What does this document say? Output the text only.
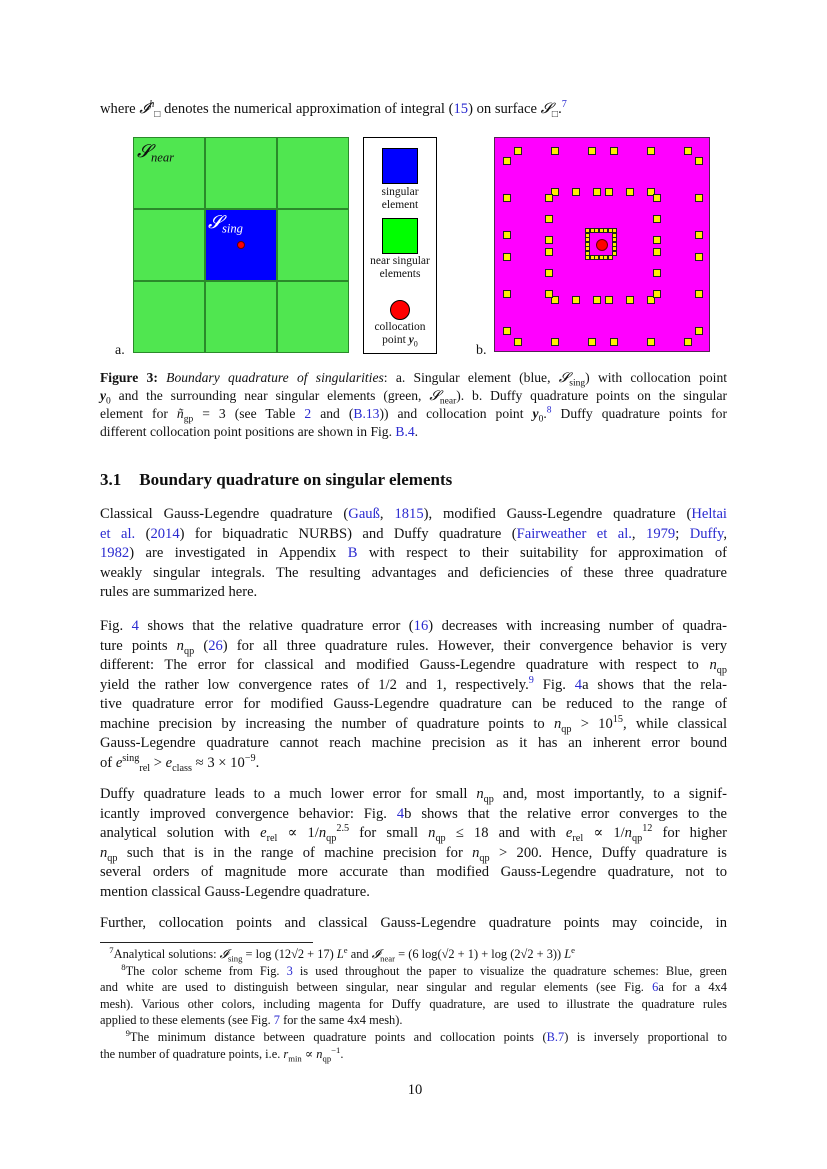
where 𝓘$^h_□$ denotes the numerical approximation of integral (15) on surface 𝓢$_□$.$^7$
𝓢$_{near}$
𝓢$_{sing}$
a.
singular element
near singular elements
collocation point $y_0$	b.
Figure 3: Boundary quadrature of singularities: a. Singular element (blue, 𝓢$_{sing}$) with collocation point
$y_0$ and the surrounding near singular elements (green, 𝓢$_{near}$). b. Duffy quadrature points on the singular
element for $ñ_{gp} = 3$ (see Table 2 and (B.13)) and collocation point $y_0.^8$ Duffy quadrature points for
different collocation point positions are shown in Fig. B.4.
3.1 Boundary quadrature on singular elements
Classical Gauss-Legendre quadrature (Gauß, 1815), modified Gauss-Legendre quadrature (Heltai
et al. (2014) for biquadratic NURBS) and Duffy quadrature (Fairweather et al., 1979; Duffy,
1982) are investigated in Appendix B with respect to their suitability for approximation of
weakly singular integrals. The resulting advantages and deficiencies of these three quadrature
rules are summarized here.
Fig. 4 shows that the relative quadrature error (16) decreases with increasing number of quadra-
ture points $n_{qp}$ (26) for all three quadrature rules. However, their convergence behavior is very
different: The error for classical and modified Gauss-Legendre quadrature with respect to $n_{qp}$
yield the rather low convergence rates of 1/2 and 1, respectively.$^9$ Fig. 4a shows that the rela-
tive quadrature error for modified Gauss-Legendre quadrature can be reduced to the range of
machine precision by increasing the number of quadrature points to $n_{qp} > 10^{15}$, while classical
Gauss-Legendre quadrature cannot reach machine precision as it has an inherent error bound
of $e^{sing}_{rel} > e_{class} \approx 3 \times 10^{-9}$.
Duffy quadrature leads to a much lower error for small $n_{qp}$ and, most importantly, to a signif-
icantly improved convergence behavior: Fig. 4b shows that the relative error converges to the
analytical solution with $e_{rel} \propto 1/n_{qp}^{2.5}$ for small $n_{qp} \le 18$ and with $e_{rel} \propto 1/n_{qp}^{12}$ for higher
$n_{qp}$ such that is in the range of machine precision for $n_{qp} > 200$. Hence, Duffy quadrature is
several orders of magnitude more accurate than modified Gauss-Legendre quadrature, not to
mention classical Gauss-Legendre quadrature.
Further, collocation points and classical Gauss-Legendre quadrature points may coincide, in
$^7$Analytical solutions: 𝓘$_{sing}$ = log (12√2 + 17) Le and 𝓘$_{near}$ = (6 log(√2 + 1) + log (2√2 + 3)) Le
$^8$The color scheme from Fig. 3 is used throughout the paper to visualize the quadrature schemes: Blue, green
and white are used to distinguish between singular, near singular and regular elements (see Fig. 6a for a 4x4
mesh). Various other colors, including magenta for Duffy quadrature, are used to illustrate the quadrature rules
applied to these elements (see Fig. 7 for the same 4x4 mesh).
$^9$The minimum distance between quadrature points and collocation points (B.7) is inversely proportional to
the number of quadrature points, i.e. $r_{min} \propto n_{qp}^{-1}$.
10
